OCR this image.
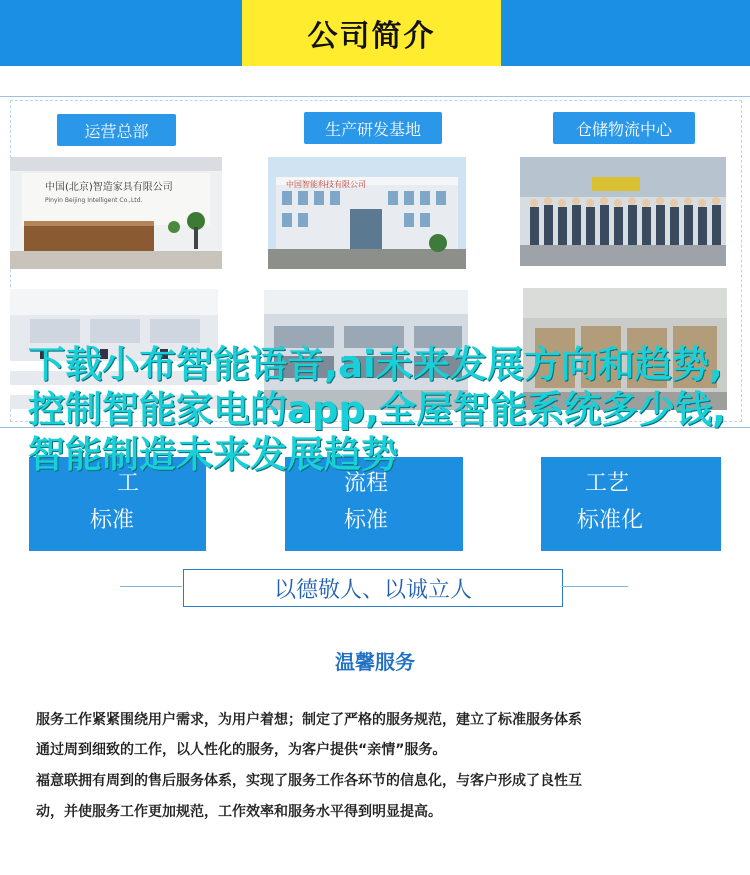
公司简介
运营总部	生产研发基地	仓储物流中心
中国(北京)智造家具有限公司
Pinyin Beijing Intelligent Co.,Ltd.
中国智能科技有限公司
工
标准
流程
标准
工艺
标准化
下载小布智能语音,ai未来发展方向和趋势,控制智能家电的app,全屋智能系统多少钱,智能制造未来发展趋势
以德敬人、以诚立人
温馨服务
服务工作紧紧围绕用户需求，为用户着想；制定了严格的服务规范，建立了标准服务体系
通过周到细致的工作，以人性化的服务，为客户提供“亲情”服务。
福意联拥有周到的售后服务体系，实现了服务工作各环节的信息化，与客户形成了良性互
动，并使服务工作更加规范，工作效率和服务水平得到明显提高。
